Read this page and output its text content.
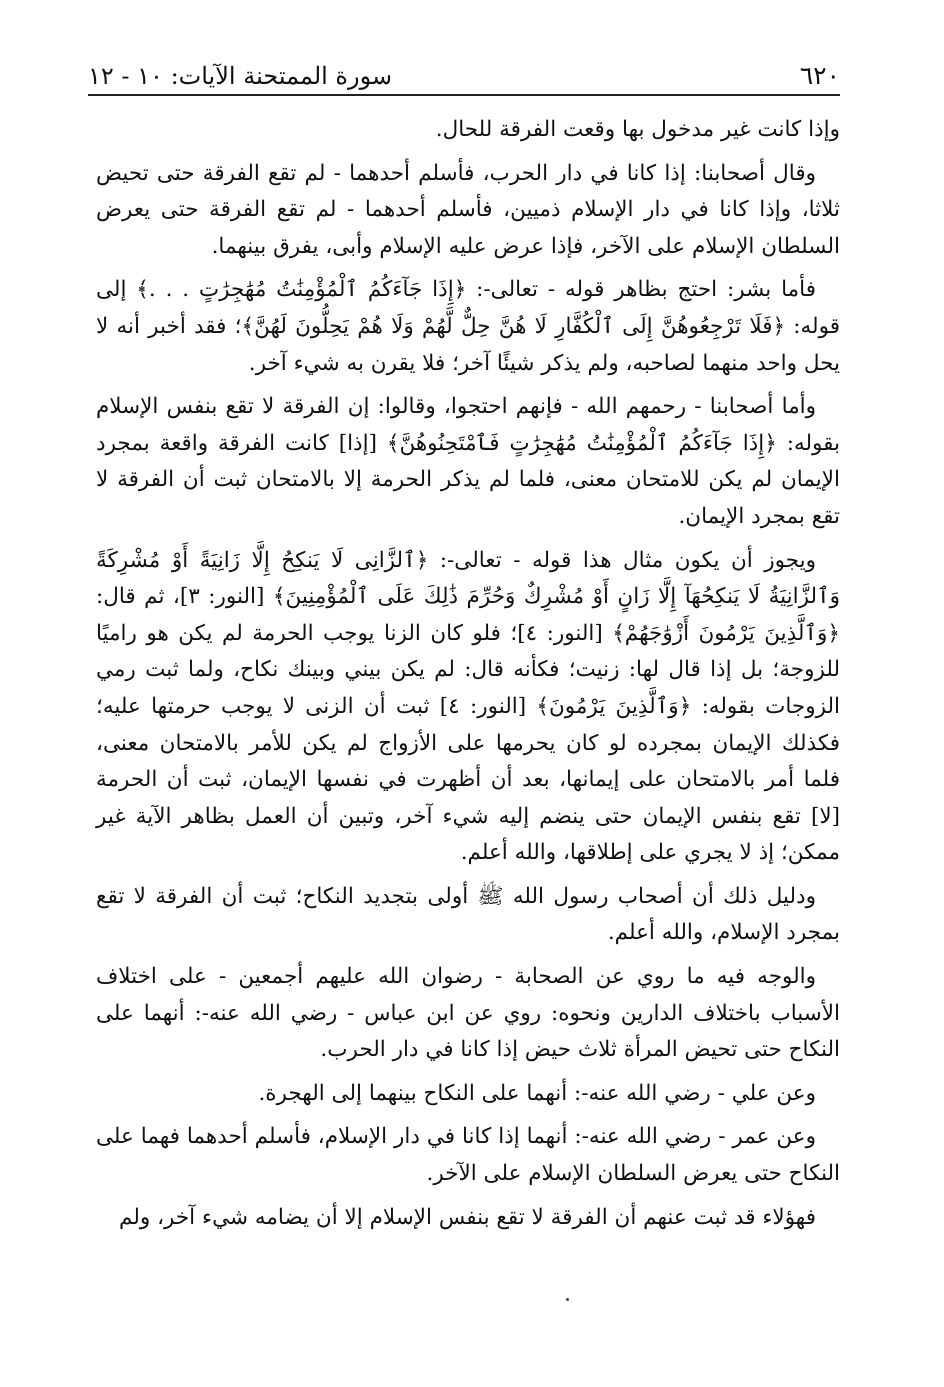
٦٢٠
سورة الممتحنة الآيات: ١٠ - ١٢

وإذا كانت غير مدخول بها وقعت الفرقة للحال.

وقال أصحابنا: إذا كانا في دار الحرب، فأسلم أحدهما - لم تقع الفرقة حتى تحيض ثلاثا، وإذا كانا في دار الإسلام ذميين، فأسلم أحدهما - لم تقع الفرقة حتى يعرض السلطان الإسلام على الآخر، فإذا عرض عليه الإسلام وأبى، يفرق بينهما.

فأما بشر: احتج بظاهر قوله - تعالى-: ﴿إِذَا جَآءَكُمُ ٱلْمُؤْمِنَٰتُ مُهَٰجِرَٰتٍ . . .﴾ إلى قوله: ﴿فَلَا تَرْجِعُوهُنَّ إِلَى ٱلْكُفَّارِ لَا هُنَّ حِلٌّ لَّهُمْ وَلَا هُمْ يَحِلُّونَ لَهُنَّ﴾؛ فقد أخبر أنه لا يحل واحد منهما لصاحبه، ولم يذكر شيئًا آخر؛ فلا يقرن به شيء آخر.

وأما أصحابنا - رحمهم الله - فإنهم احتجوا، وقالوا: إن الفرقة لا تقع بنفس الإسلام بقوله: ﴿إِذَا جَآءَكُمُ ٱلْمُؤْمِنَٰتُ مُهَٰجِرَٰتٍ فَٱمْتَحِنُوهُنَّ﴾ [إذا] كانت الفرقة واقعة بمجرد الإيمان لم يكن للامتحان معنى، فلما لم يذكر الحرمة إلا بالامتحان ثبت أن الفرقة لا تقع بمجرد الإيمان.

ويجوز أن يكون مثال هذا قوله - تعالى-: ﴿ٱلزَّانِى لَا يَنكِحُ إِلَّا زَانِيَةً أَوْ مُشْرِكَةً وَٱلزَّانِيَةُ لَا يَنكِحُهَآ إِلَّا زَانٍ أَوْ مُشْرِكٌ وَحُرِّمَ ذَٰلِكَ عَلَى ٱلْمُؤْمِنِينَ﴾ [النور: ٣]، ثم قال: ﴿وَٱلَّذِينَ يَرْمُونَ أَزْوَٰجَهُمْ﴾ [النور: ٤]؛ فلو كان الزنا يوجب الحرمة لم يكن هو راميًا للزوجة؛ بل إذا قال لها: زنيت؛ فكأنه قال: لم يكن بيني وبينك نكاح، ولما ثبت رمي الزوجات بقوله: ﴿وَٱلَّذِينَ يَرْمُونَ﴾ [النور: ٤] ثبت أن الزنى لا يوجب حرمتها عليه؛ فكذلك الإيمان بمجرده لو كان يحرمها على الأزواج لم يكن للأمر بالامتحان معنى، فلما أمر بالامتحان على إيمانها، بعد أن أظهرت في نفسها الإيمان، ثبت أن الحرمة [لا] تقع بنفس الإيمان حتى ينضم إليه شيء آخر، وتبين أن العمل بظاهر الآية غير ممكن؛ إذ لا يجري على إطلاقها، والله أعلم.

ودليل ذلك أن أصحاب رسول الله ﷺ أولى بتجديد النكاح؛ ثبت أن الفرقة لا تقع بمجرد الإسلام، والله أعلم.

والوجه فيه ما روي عن الصحابة - رضوان الله عليهم أجمعين - على اختلاف الأسباب باختلاف الدارين ونحوه: روي عن ابن عباس - رضي الله عنه-: أنهما على النكاح حتى تحيض المرأة ثلاث حيض إذا كانا في دار الحرب.

وعن علي - رضي الله عنه-: أنهما على النكاح بينهما إلى الهجرة.

وعن عمر - رضي الله عنه-: أنهما إذا كانا في دار الإسلام، فأسلم أحدهما فهما على النكاح حتى يعرض السلطان الإسلام على الآخر.

فهؤلاء قد ثبت عنهم أن الفرقة لا تقع بنفس الإسلام إلا أن يضامه شيء آخر، ولم
